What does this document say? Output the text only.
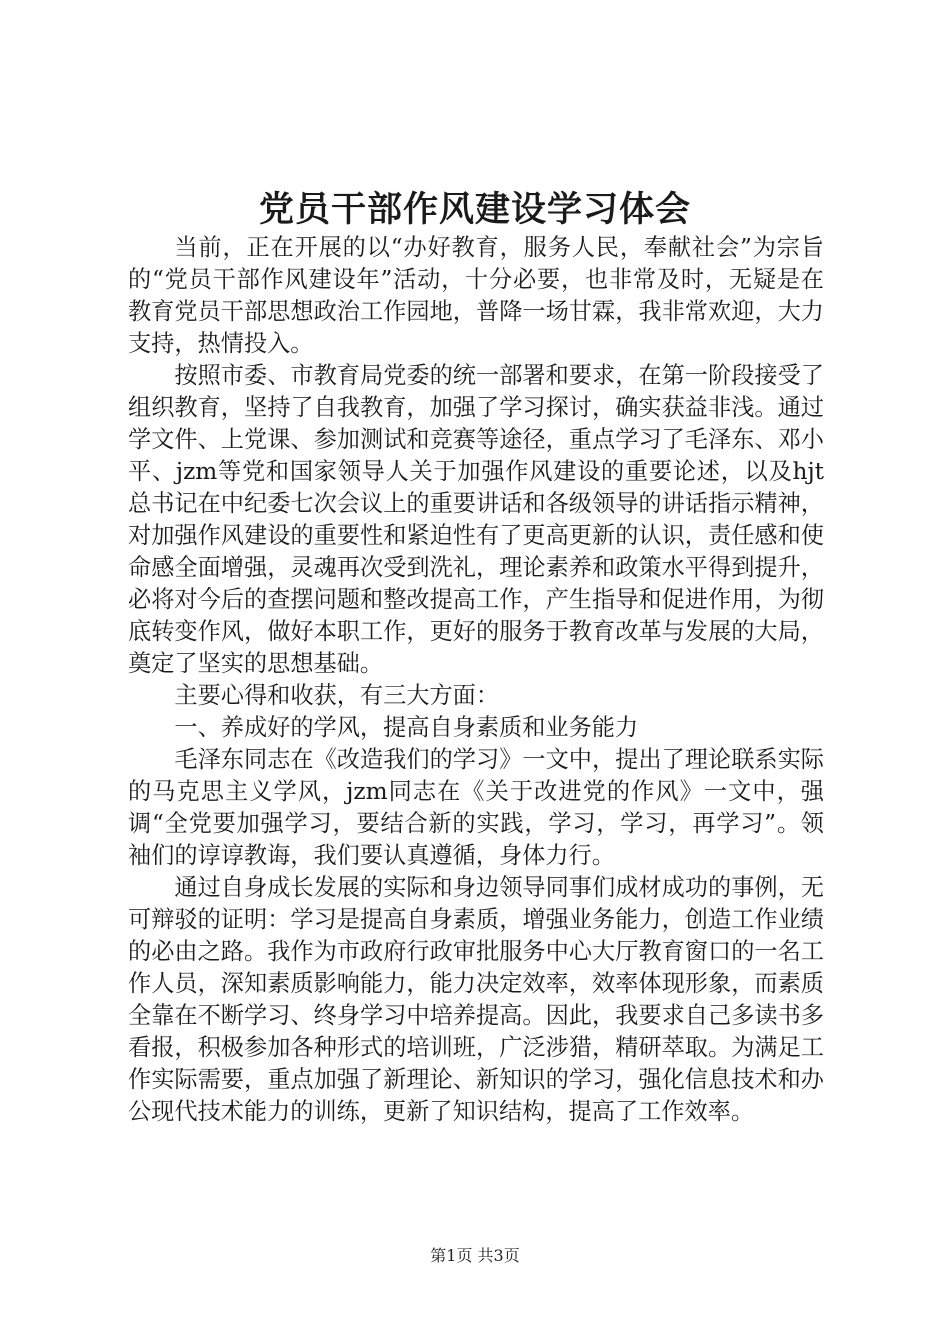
党员干部作风建设学习体会

当前，正在开展的以“办好教育，服务人民，奉献社会”为宗旨的“党员干部作风建设年”活动，十分必要，也非常及时，无疑是在教育党员干部思想政治工作园地，普降一场甘霖，我非常欢迎，大力支持，热情投入。

按照市委、市教育局党委的统一部署和要求，在第一阶段接受了组织教育，坚持了自我教育，加强了学习探讨，确实获益非浅。通过学文件、上党课、参加测试和竞赛等途径，重点学习了毛泽东、邓小平、jzm等党和国家领导人关于加强作风建设的重要论述，以及hjt总书记在中纪委七次会议上的重要讲话和各级领导的讲话指示精神，对加强作风建设的重要性和紧迫性有了更高更新的认识，责任感和使命感全面增强，灵魂再次受到洗礼，理论素养和政策水平得到提升，必将对今后的查摆问题和整改提高工作，产生指导和促进作用，为彻底转变作风，做好本职工作，更好的服务于教育改革与发展的大局，奠定了坚实的思想基础。

主要心得和收获，有三大方面：

一、养成好的学风，提高自身素质和业务能力

毛泽东同志在《改造我们的学习》一文中，提出了理论联系实际的马克思主义学风，jzm同志在《关于改进党的作风》一文中，强调“全党要加强学习，要结合新的实践，学习，学习，再学习”。领袖们的谆谆教诲，我们要认真遵循，身体力行。

通过自身成长发展的实际和身边领导同事们成材成功的事例，无可辩驳的证明：学习是提高自身素质，增强业务能力，创造工作业绩的必由之路。我作为市政府行政审批服务中心大厅教育窗口的一名工作人员，深知素质影响能力，能力决定效率，效率体现形象，而素质全靠在不断学习、终身学习中培养提高。因此，我要求自己多读书多看报，积极参加各种形式的培训班，广泛涉猎，精研萃取。为满足工作实际需要，重点加强了新理论、新知识的学习，强化信息技术和办公现代技术能力的训练，更新了知识结构，提高了工作效率。

第1页 共3页
